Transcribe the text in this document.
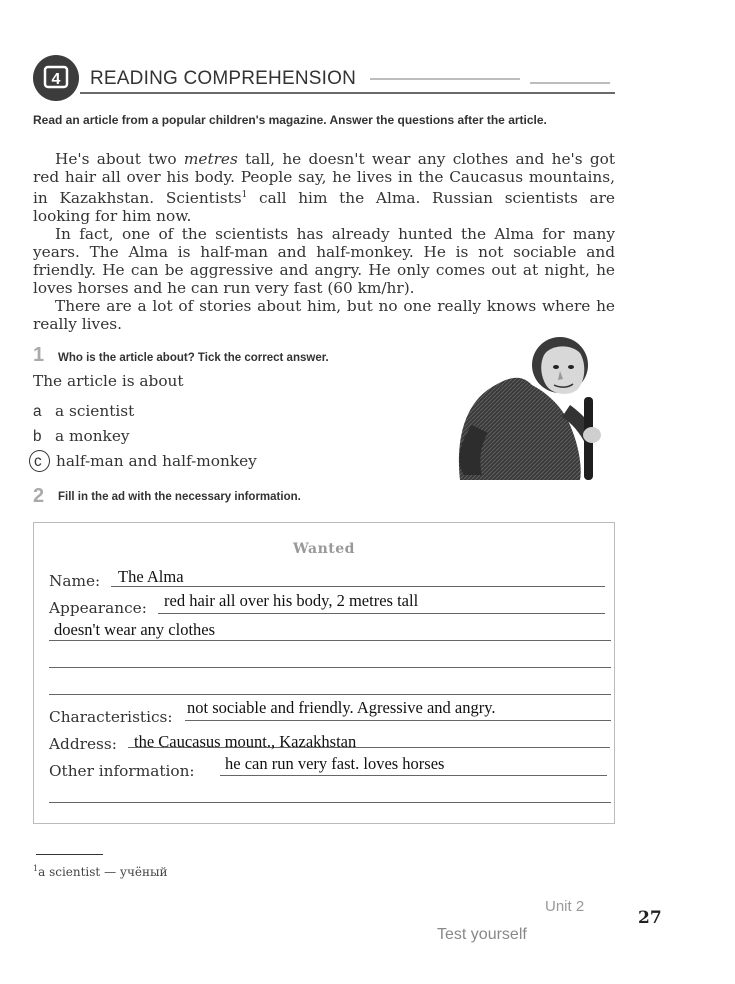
4 READING COMPREHENSION
Read an article from a popular children's magazine. Answer the questions after the article.

He's about two metres tall, he doesn't wear any clothes and he's got red hair all over his body. People say, he lives in the Caucasus mountains, in Kazakhstan. Scientists$^1$ call him the Alma. Russian scientists are looking for him now.

In fact, one of the scientists has already hunted the Alma for many years. The Alma is half-man and half-monkey. He is not sociable and friendly. He can be aggressive and angry. He only comes out at night, he loves horses and he can run very fast (60 km/hr).

There are a lot of stories about him, but no one really knows where he really lives.

1 Who is the article about? Tick the correct answer.
The article is about
a a scientist
b a monkey
c half-man and half-monkey
2 Fill in the ad with the necessary information.
Wanted
Name: The Alma
Appearance: red hair all over his body, 2 metres tall
doesn't wear any clothes
Characteristics: not sociable and friendly. Agressive and angry.
Address: the Caucasus mount., Kazakhstan
Other information: he can run very fast. loves horses
$^1$a scientist — учёный
Unit 2
Test yourself
27
